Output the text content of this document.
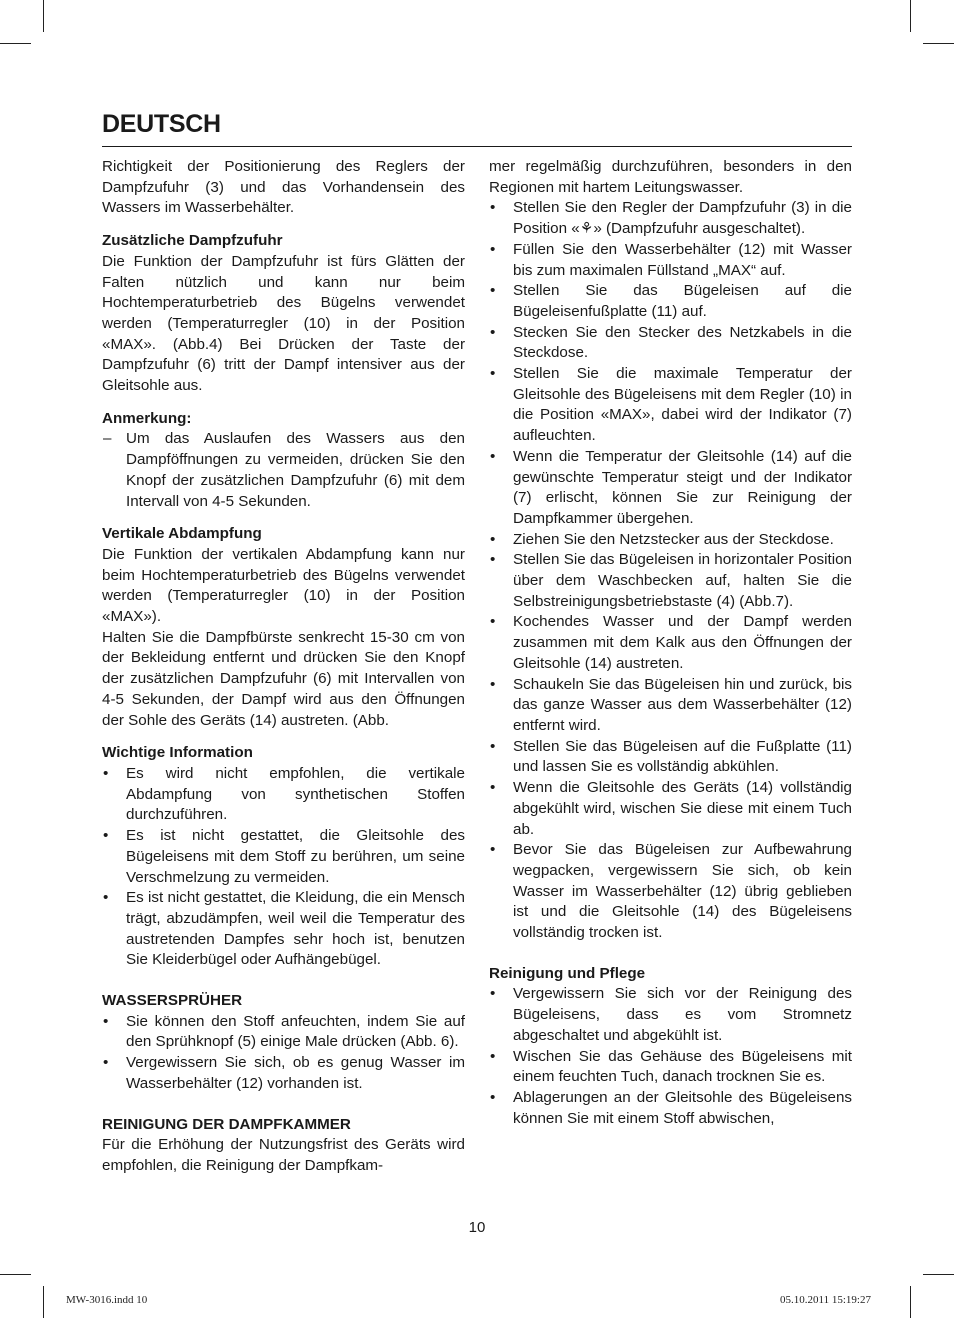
DEUTSCH

Richtigkeit der Positionierung des Reglers der Dampfzufuhr (3) und das Vorhandensein des Wassers im Wasserbehälter.

Zusätzliche Dampfzufuhr

Die Funktion der Dampfzufuhr ist fürs Glätten der Falten nützlich und kann nur beim Hochtemperaturbetrieb des Bügelns verwendet werden (Temperaturregler (10) in der Position «MAX». (Abb.4) Bei Drücken der Taste der Dampfzufuhr (6) tritt der Dampf intensiver aus der Gleitsohle aus.

Anmerkung:
– Um das Auslaufen des Wassers aus den Dampföffnungen zu vermeiden, drücken Sie den Knopf der zusätzlichen Dampfzufuhr (6) mit dem Intervall von 4-5 Sekunden.
Vertikale Abdampfung

Die Funktion der vertikalen Abdampfung kann nur beim Hochtemperaturbetrieb des Bügelns verwendet werden (Temperaturregler (10) in der Position «MAX»).

Halten Sie die Dampfbürste senkrecht 15-30 cm von der Bekleidung entfernt und drücken Sie den Knopf der zusätzlichen Dampfzufuhr (6) mit Intervallen von 4-5 Sekunden, der Dampf wird aus den Öffnungen der Sohle des Geräts (14) austreten. (Abb.

Wichtige Information
• Es wird nicht empfohlen, die vertikale Abdampfung von synthetischen Stoffen durchzuführen.
• Es ist nicht gestattet, die Gleitsohle des Bügeleisens mit dem Stoff zu berühren, um seine Verschmelzung zu vermeiden.
• Es ist nicht gestattet, die Kleidung, die ein Mensch trägt, abzudämpfen, weil weil die Temperatur des austretenden Dampfes sehr hoch ist, benutzen Sie Kleiderbügel oder Aufhängebügel.
WASSERSPRÜHER
• Sie können den Stoff anfeuchten, indem Sie auf den Sprühknopf (5) einige Male drücken (Abb. 6).
• Vergewissern Sie sich, ob es genug Wasser im Wasserbehälter (12) vorhanden ist.
REINIGUNG DER DAMPFKAMMER

Für die Erhöhung der Nutzungsfrist des Geräts wird empfohlen, die Reinigung der Dampfkam-

mer regelmäßig durchzuführen, besonders in den Regionen mit hartem Leitungswasser.

• Stellen Sie den Regler der Dampfzufuhr (3) in die Position «⚘» (Dampfzufuhr ausgeschaltet).
• Füllen Sie den Wasserbehälter (12) mit Wasser bis zum maximalen Füllstand „MAX“ auf.
• Stellen Sie das Bügeleisen auf die Bügeleisenfußplatte (11) auf.
• Stecken Sie den Stecker des Netzkabels in die Steckdose.
• Stellen Sie die maximale Temperatur der Gleitsohle des Bügeleisens mit dem Regler (10) in die Position «MAX», dabei wird der Indikator (7) aufleuchten.
• Wenn die Temperatur der Gleitsohle (14) auf die gewünschte Temperatur steigt und der Indikator (7) erlischt, können Sie zur Reinigung der Dampfkammer übergehen.
• Ziehen Sie den Netzstecker aus der Steckdose.
• Stellen Sie das Bügeleisen in horizontaler Position über dem Waschbecken auf, halten Sie die Selbstreinigungsbetriebstaste (4) (Abb.7).
• Kochendes Wasser und der Dampf werden zusammen mit dem Kalk aus den Öffnungen der Gleitsohle (14) austreten.
• Schaukeln Sie das Bügeleisen hin und zurück, bis das ganze Wasser aus dem Wasserbehälter (12) entfernt wird.
• Stellen Sie das Bügeleisen auf die Fußplatte (11) und lassen Sie es vollständig abkühlen.
• Wenn die Gleitsohle des Geräts (14) vollständig abgekühlt wird, wischen Sie diese mit einem Tuch ab.
• Bevor Sie das Bügeleisen zur Aufbewahrung wegpacken, vergewissern Sie sich, ob kein Wasser im Wasserbehälter (12) übrig geblieben ist und die Gleitsohle (14) des Bügeleisens vollständig trocken ist.
Reinigung und Pflege
• Vergewissern Sie sich vor der Reinigung des Bügeleisens, dass es vom Stromnetz abgeschaltet und abgekühlt ist.
• Wischen Sie das Gehäuse des Bügeleisens mit einem feuchten Tuch, danach trocknen Sie es.
• Ablagerungen an der Gleitsohle des Bügeleisens können Sie mit einem Stoff abwischen,
10
MW-3016.indd 10	05.10.2011 15:19:27
